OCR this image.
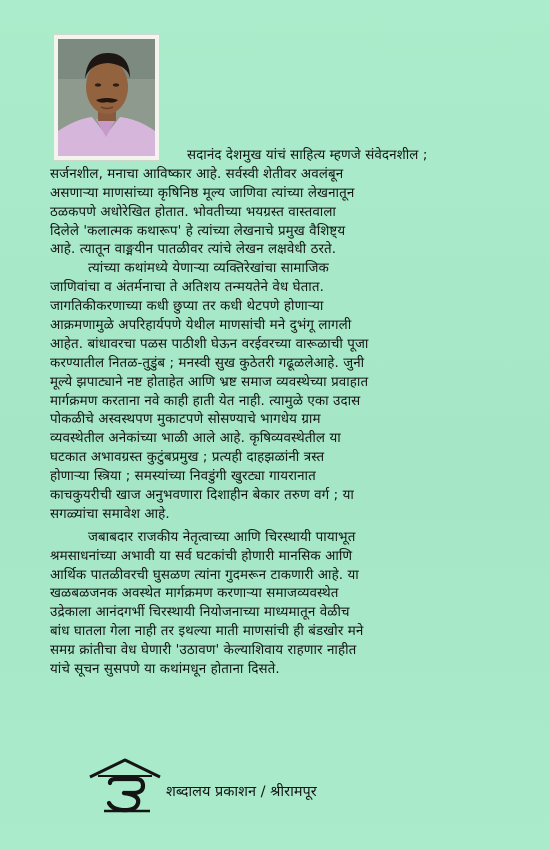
सदानंद देशमुख यांचं साहित्य म्हणजे संवेदनशील ;
सर्जनशील, मनाचा आविष्कार आहे. सर्वस्वी शेतीवर अवलंबून
असणाऱ्या माणसांच्या कृषिनिष्ठ मूल्य जाणिवा त्यांच्या लेखनातून
ठळकपणे अधोरेखित होतात. भोवतीच्या भयग्रस्त वास्तवाला
दिलेले 'कलात्मक कथारूप' हे त्यांच्या लेखनाचे प्रमुख वैशिष्ट्य
आहे. त्यातून वाङ्मयीन पातळीवर त्यांचे लेखन लक्षवेधी ठरते.
त्यांच्या कथांमध्ये येणाऱ्या व्यक्तिरेखांचा सामाजिक
जाणिवांचा व अंतर्मनाचा ते अतिशय तन्मयतेने वेध घेतात.
जागतिकीकरणाच्या कधी छुप्या तर कधी थेटपणे होणाऱ्या
आक्रमणामुळे अपरिहार्यपणे येथील माणसांची मने दुभंगू लागली
आहेत. बांधावरचा पळस पाठीशी घेऊन वरईवरच्या वारूळाची पूजा
करण्यातील नितळ-तुडुंब ; मनस्वी सुख कुठेतरी गढूळलेआहे. जुनी
मूल्ये झपाट्याने नष्ट होताहेत आणि भ्रष्ट समाज व्यवस्थेच्या प्रवाहात
मार्गक्रमण करताना नवे काही हाती येत नाही. त्यामुळे एका उदास
पोकळीचे अस्वस्थपण मुकाटपणे सोसण्याचे भागधेय ग्राम
व्यवस्थेतील अनेकांच्या भाळी आले आहे. कृषिव्यवस्थेतील या
घटकात अभावग्रस्त कुटुंबप्रमुख ; प्रत्यही दाहझळांनी त्रस्त
होणाऱ्या स्त्रिया ; समस्यांच्या निवडुंगी खुरट्या गायरानात
काचकुयरीची खाज अनुभवणारा दिशाहीन बेकार तरुण वर्ग ; या
सगळ्यांचा समावेश आहे.
जबाबदार राजकीय नेतृत्वाच्या आणि चिरस्थायी पायाभूत
श्रमसाधनांच्या अभावी या सर्व घटकांची होणारी मानसिक आणि
आर्थिक पातळीवरची घुसळण त्यांना गुदमरून टाकणारी आहे. या
खळबळजनक अवस्थेत मार्गक्रमण करणाऱ्या समाजव्यवस्थेत
उद्रेकाला आनंदगर्भी चिरस्थायी नियोजनाच्या माध्यमातून वेळीच
बांध घातला गेला नाही तर इथल्या माती माणसांची ही बंडखोर मने
समग्र क्रांतीचा वेध घेणारी 'उठावण' केल्याशिवाय राहणार नाहीत
यांचे सूचन सुसपणे या कथांमधून होताना दिसते.
शब्दालय प्रकाशन / श्रीरामपूर
